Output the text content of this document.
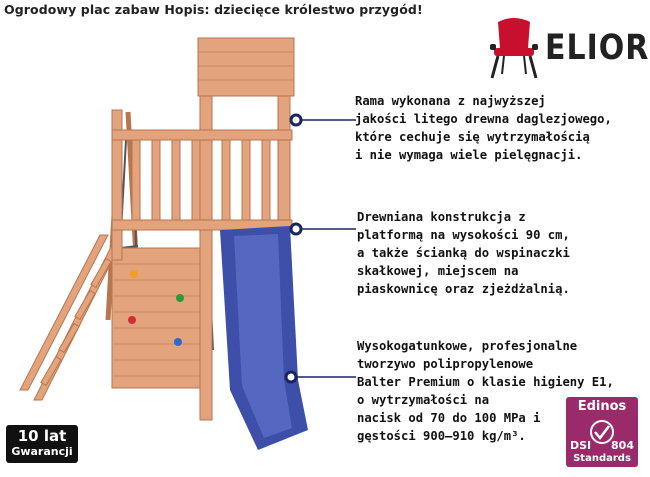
Ogrodowy plac zabaw Hopis: dziecięce królestwo przygód!
ELIOR
Rama wykonana z najwyższej
jakości litego drewna daglezjowego,
które cechuje się wytrzymałością
i nie wymaga wiele pielęgnacji.
Drewniana konstrukcja z
platformą na wysokości 90 cm,
a także ścianką do wspinaczki
skałkowej, miejscem na
piaskownicę oraz zjeżdżalnią.
Wysokogatunkowe, profesjonalne
tworzywo polipropylenowe
Balter Premium o klasie higieny E1,
o wytrzymałości na
nacisk od 70 do 100 MPa i
gęstości 900–910 kg/m³.
10 lat
Gwarancji
Edinos
DSI 804
Standards
